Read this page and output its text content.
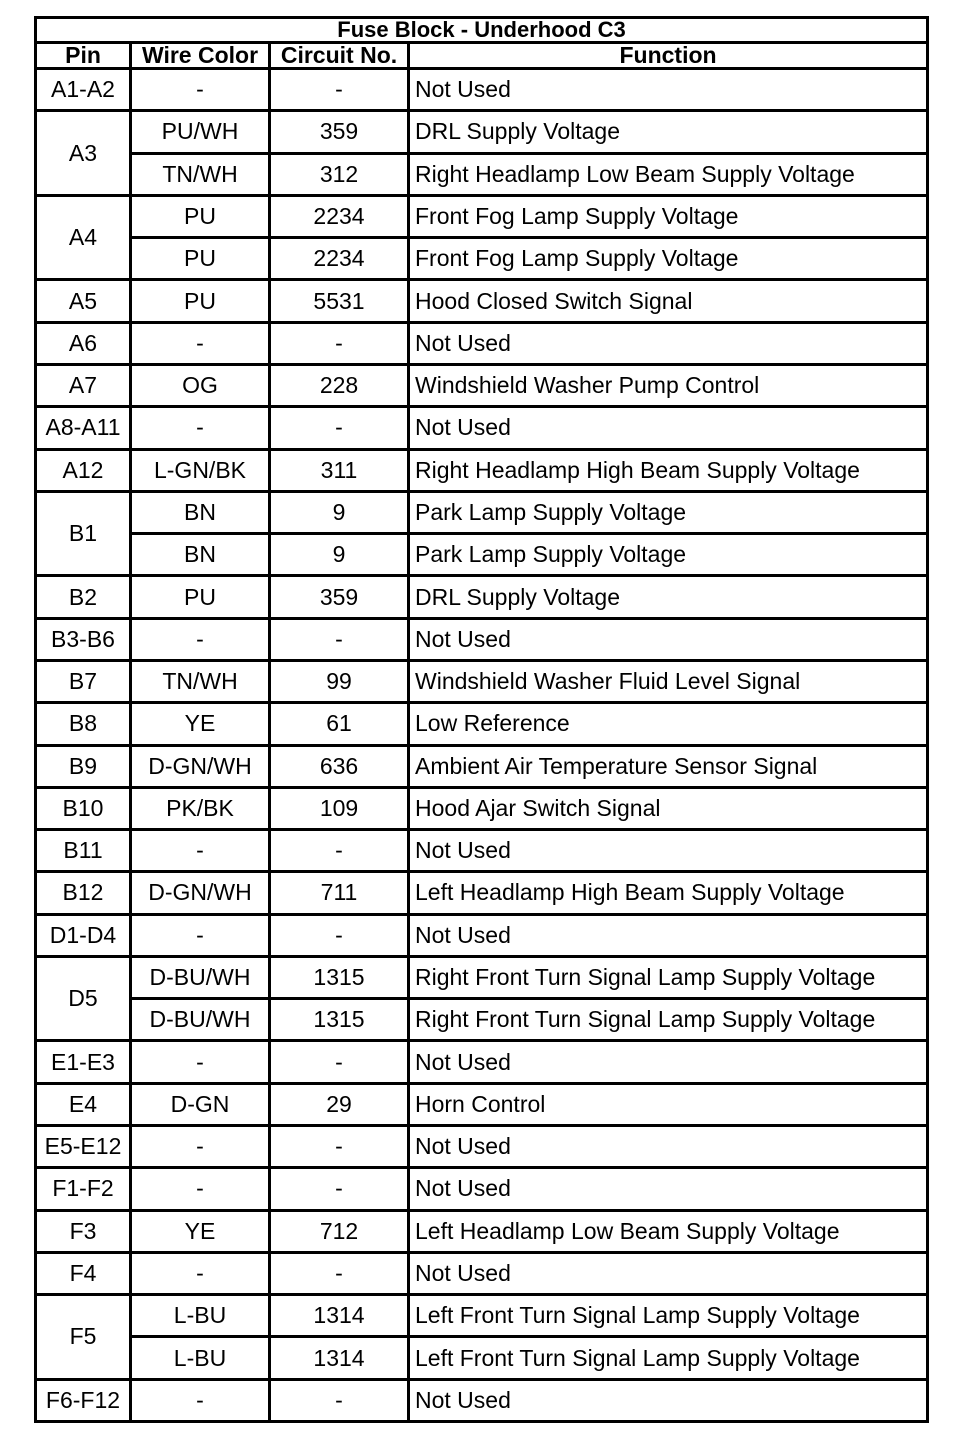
Fuse Block - Underhood C3			
Pin	Wire Color	Circuit No.	Function
A1-A2	-	-	Not Used
A3	PU/WH	359	DRL Supply Voltage
	TN/WH	312	Right Headlamp Low Beam Supply Voltage
A4	PU	2234	Front Fog Lamp Supply Voltage
	PU	2234	Front Fog Lamp Supply Voltage
A5	PU	5531	Hood Closed Switch Signal
A6	-	-	Not Used
A7	OG	228	Windshield Washer Pump Control
A8-A11	-	-	Not Used
A12	L-GN/BK	311	Right Headlamp High Beam Supply Voltage
B1	BN	9	Park Lamp Supply Voltage
	BN	9	Park Lamp Supply Voltage
B2	PU	359	DRL Supply Voltage
B3-B6	-	-	Not Used
B7	TN/WH	99	Windshield Washer Fluid Level Signal
B8	YE	61	Low Reference
B9	D-GN/WH	636	Ambient Air Temperature Sensor Signal
B10	PK/BK	109	Hood Ajar Switch Signal
B11	-	-	Not Used
B12	D-GN/WH	711	Left Headlamp High Beam Supply Voltage
D1-D4	-	-	Not Used
D5	D-BU/WH	1315	Right Front Turn Signal Lamp Supply Voltage
	D-BU/WH	1315	Right Front Turn Signal Lamp Supply Voltage
E1-E3	-	-	Not Used
E4	D-GN	29	Horn Control
E5-E12	-	-	Not Used
F1-F2	-	-	Not Used
F3	YE	712	Left Headlamp Low Beam Supply Voltage
F4	-	-	Not Used
F5	L-BU	1314	Left Front Turn Signal Lamp Supply Voltage
	L-BU	1314	Left Front Turn Signal Lamp Supply Voltage
F6-F12	-	-	Not Used
